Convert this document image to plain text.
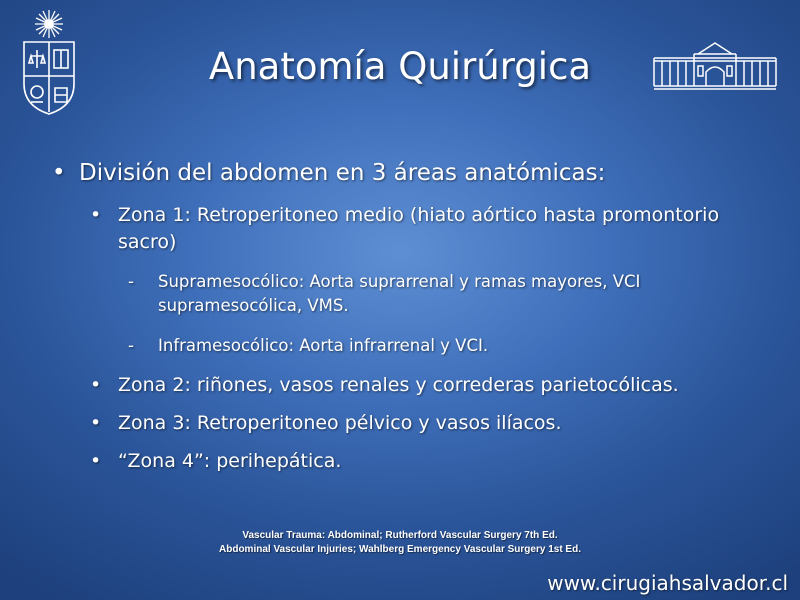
Anatomía Quirúrgica
• División del abdomen en 3 áreas anatómicas:
• Zona 1: Retroperitoneo medio (hiato aórtico hasta promontorio sacro)
-	Supramesocólico: Aorta suprarrenal y ramas mayores, VCI supramesocólica, VMS.
-	Inframesocólico: Aorta infrarrenal y VCI.
• Zona 2: riñones, vasos renales y correderas parietocólicas.
• Zona 3: Retroperitoneo pélvico y vasos ilíacos.
• “Zona 4”: perihepática.
Vascular Trauma: Abdominal; Rutherford Vascular Surgery 7th Ed.
Abdominal Vascular Injuries; Wahlberg Emergency Vascular Surgery 1st Ed.
www.cirugiahsalvador.cl
